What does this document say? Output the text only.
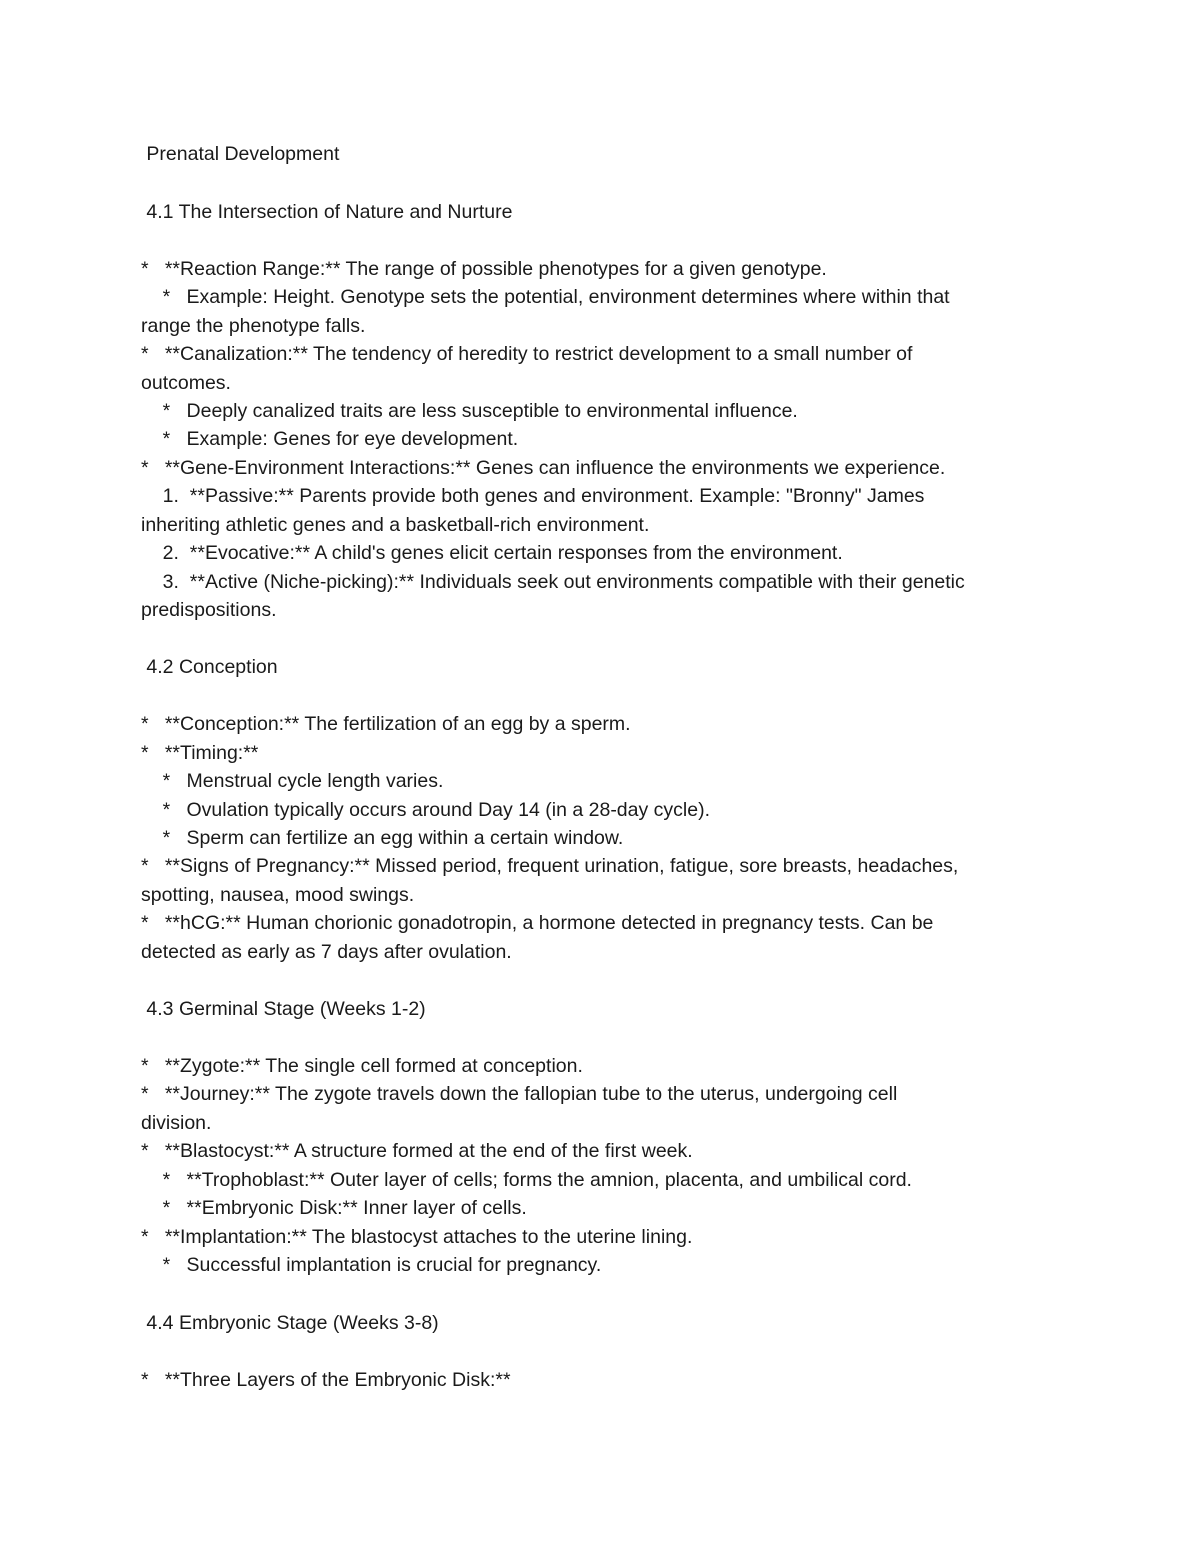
Prenatal Development
4.1 The Intersection of Nature and Nurture
*   **Reaction Range:** The range of possible phenotypes for a given genotype.
*   Example: Height. Genotype sets the potential, environment determines where within that
range the phenotype falls.
*   **Canalization:** The tendency of heredity to restrict development to a small number of
outcomes.
*   Deeply canalized traits are less susceptible to environmental influence.
*   Example: Genes for eye development.
*   **Gene-Environment Interactions:** Genes can influence the environments we experience.
1.  **Passive:** Parents provide both genes and environment. Example: "Bronny" James
inheriting athletic genes and a basketball-rich environment.
2.  **Evocative:** A child's genes elicit certain responses from the environment.
3.  **Active (Niche-picking):** Individuals seek out environments compatible with their genetic
predispositions.
4.2 Conception
*   **Conception:** The fertilization of an egg by a sperm.
*   **Timing:**
*   Menstrual cycle length varies.
*   Ovulation typically occurs around Day 14 (in a 28-day cycle).
*   Sperm can fertilize an egg within a certain window.
*   **Signs of Pregnancy:** Missed period, frequent urination, fatigue, sore breasts, headaches,
spotting, nausea, mood swings.
*   **hCG:** Human chorionic gonadotropin, a hormone detected in pregnancy tests. Can be
detected as early as 7 days after ovulation.
4.3 Germinal Stage (Weeks 1-2)
*   **Zygote:** The single cell formed at conception.
*   **Journey:** The zygote travels down the fallopian tube to the uterus, undergoing cell
division.
*   **Blastocyst:** A structure formed at the end of the first week.
*   **Trophoblast:** Outer layer of cells; forms the amnion, placenta, and umbilical cord.
*   **Embryonic Disk:** Inner layer of cells.
*   **Implantation:** The blastocyst attaches to the uterine lining.
*   Successful implantation is crucial for pregnancy.
4.4 Embryonic Stage (Weeks 3-8)
*   **Three Layers of the Embryonic Disk:**
